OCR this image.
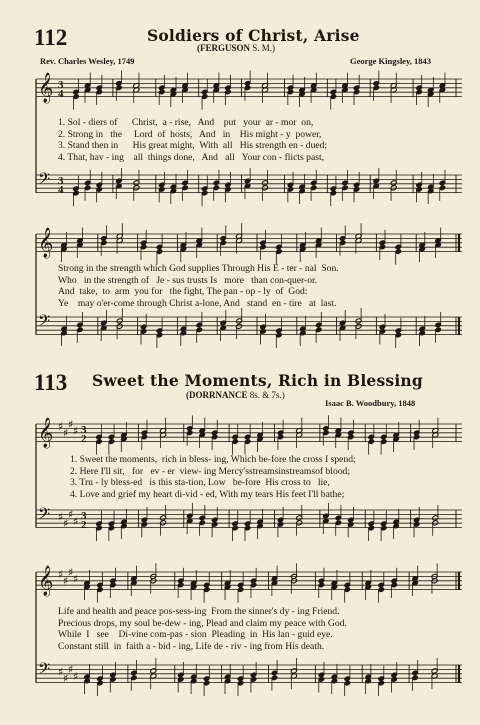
112	Soldiers of Christ, Arise
(FERGUSON S. M.)
Rev. Charles Wesley, 1749	George Kingsley, 1843
𝄞
𝄢
3
4
3
4
1. Sol - diers of      Christ,  a - rise,   And    put   your  ar - mor  on,
2. Strong in   the     Lord  of  hosts,   And   in    His might - y  power,
3. Stand then in      His great might,  With  all   His strength en - dued;
4. That, hav - ing    all  things done,   And   all   Your con - flicts past,
𝄞
𝄢
Strong in the strength which God supplies Through His E - ter - nal  Son.
Who   in the strength of   Je - sus trusts Is   more   than con-quer-or.
And  take,  to  arm  you for   the fight, The pan - op - ly  of  God:
Ye    may o'er-come through Christ a-lone, And   stand  en - tire   at  last.
113 Sweet the Moments, Rich in Blessing
(DORRNANCE 8s. & 7s.)
Isaac B. Woodbury, 1848
𝄞
𝄢
♯
♯
♯
♯
♯
♯
♯
♯
3
2
3
2
1. Sweet the moments,  rich in bless- ing, Which be-fore the cross I spend;
2. Here I'll sit,   for   ev - er  view- ing Mercy'sstreamsinstreamsof blood;
3. Tru - ly bless-ed   is this sta-tion, Low   be-fore  His cross to   lie,
4. Love and grief my heart di-vid - ed, With my tears His feet I'll bathe;
𝄞
𝄢
♯
♯
♯
♯
♯
♯
♯
♯
Life and health and peace pos-sess-ing  From the sinner's dy - ing Friend.
Precious drops, my soul be-dew - ing, Plead and claim my peace with God.
While  I   see    Di-vine com-pas - sion  Pleading  in  His lan - guid eye.
Constant still  in  faith a - bid - ing, Life de - riv - ing from His death.
